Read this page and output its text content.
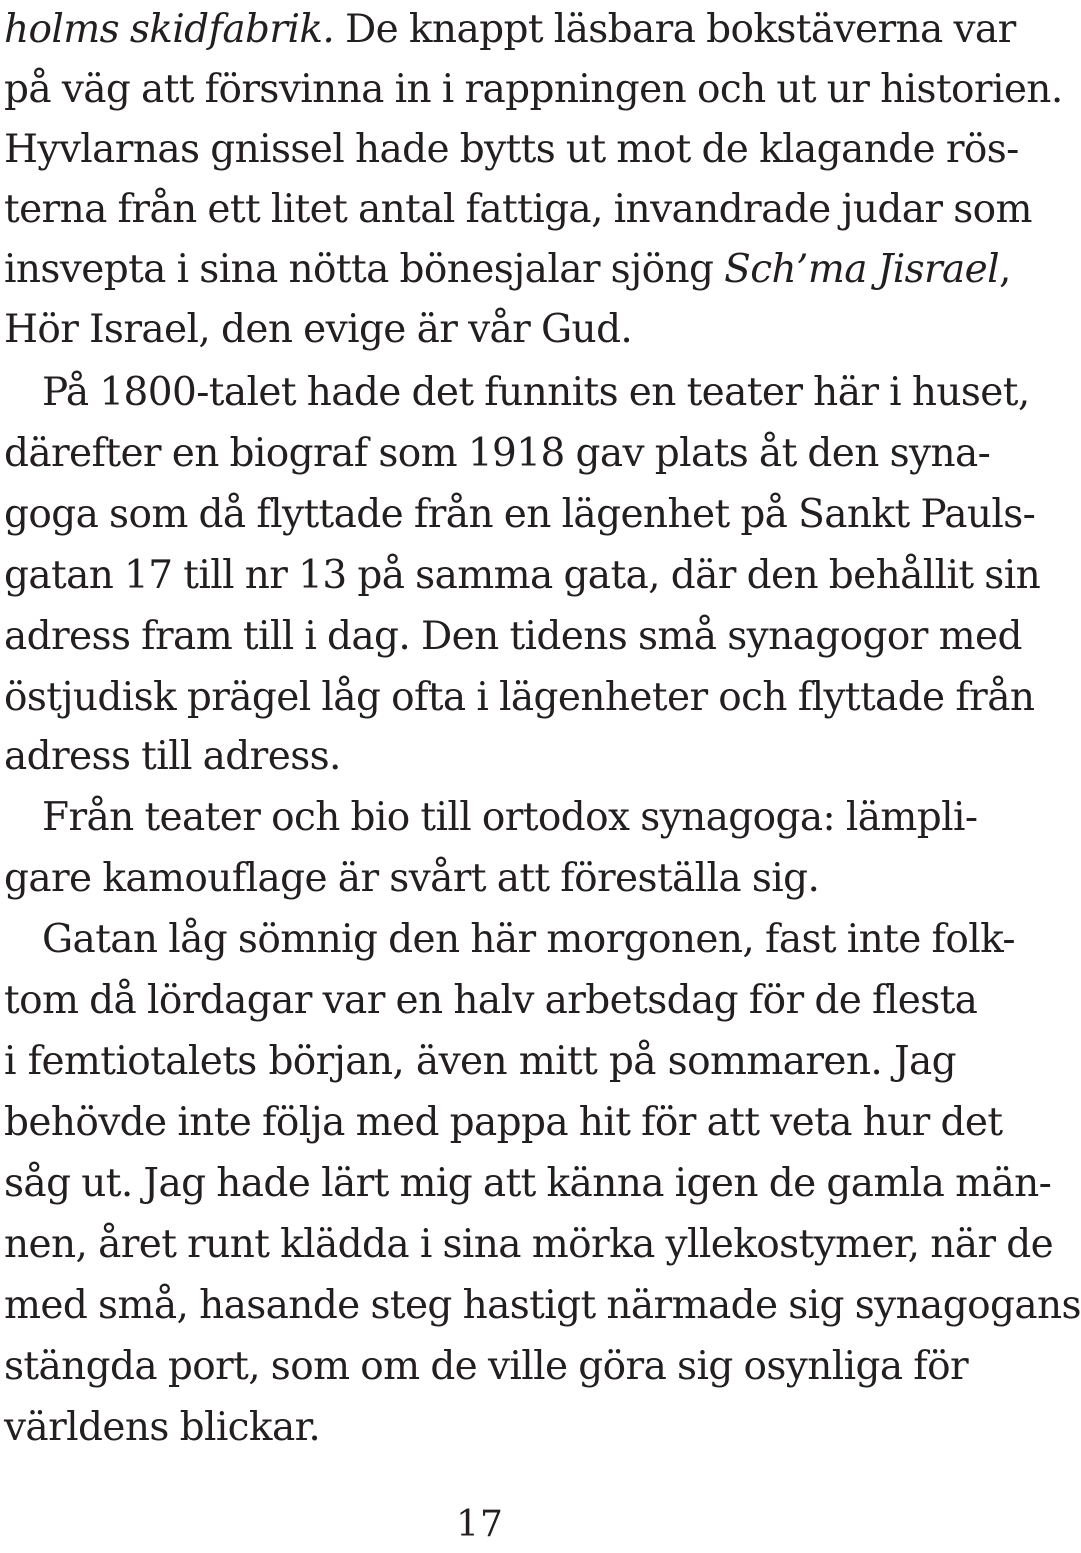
holms skidfabrik. De knappt läsbara bokstäverna var
på väg att försvinna in i rappningen och ut ur historien.
Hyvlarnas gnissel hade bytts ut mot de klagande rös-
terna från ett litet antal fattiga, invandrade judar som
insvepta i sina nötta bönesjalar sjöng Sch’ma Jisrael,
Hör Israel, den evige är vår Gud.
På 1800-talet hade det funnits en teater här i huset,
därefter en biograf som 1918 gav plats åt den syna-
goga som då flyttade från en lägenhet på Sankt Pauls-
gatan 17 till nr 13 på samma gata, där den behållit sin
adress fram till i dag. Den tidens små synagogor med
östjudisk prägel låg ofta i lägenheter och flyttade från
adress till adress.
Från teater och bio till ortodox synagoga: lämpli-
gare kamouflage är svårt att föreställa sig.
Gatan låg sömnig den här morgonen, fast inte folk-
tom då lördagar var en halv arbetsdag för de flesta
i femtiotalets början, även mitt på sommaren. Jag
behövde inte följa med pappa hit för att veta hur det
såg ut. Jag hade lärt mig att känna igen de gamla män-
nen, året runt klädda i sina mörka yllekostymer, när de
med små, hasande steg hastigt närmade sig synagogans
stängda port, som om de ville göra sig osynliga för
världens blickar.
17
